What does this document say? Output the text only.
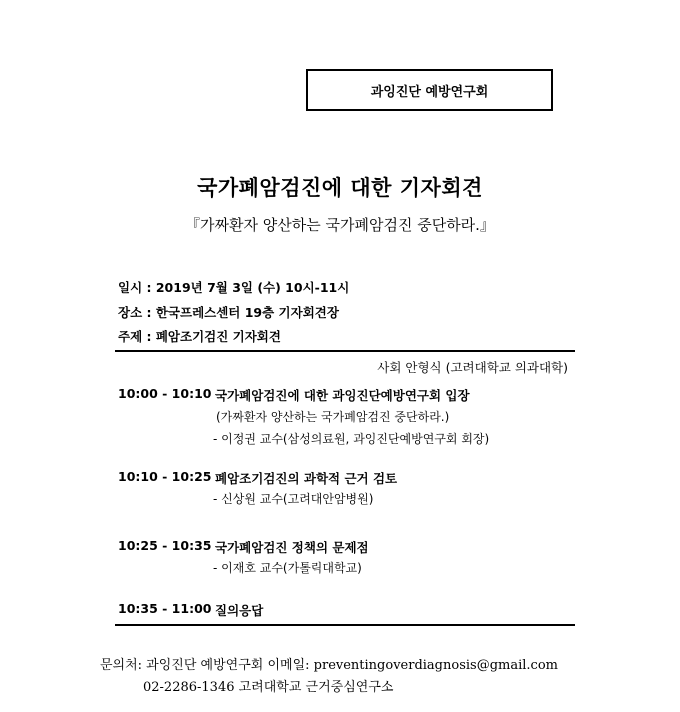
과잉진단 예방연구회
국가폐암검진에 대한 기자회견
『가짜환자 양산하는 국가폐암검진 중단하라.』
일시 : 2019년 7월 3일 (수) 10시-11시
장소 : 한국프레스센터 19층 기자회견장
주제 : 폐암조기검진 기자회견
사회 안형식 (고려대학교 의과대학)
10:00 - 10:10 국가폐암검진에 대한 과잉진단예방연구회 입장
(가짜환자 양산하는 국가폐암검진 중단하라.)
- 이정권 교수(삼성의료원, 과잉진단예방연구회 회장)
10:10 - 10:25 폐암조기검진의 과학적 근거 검토
- 신상원 교수(고려대안암병원)
10:25 - 10:35 국가폐암검진 정책의 문제점
- 이재호 교수(가톨릭대학교)
10:35 - 11:00 질의응답
문의처: 과잉진단 예방연구회 이메일: preventingoverdiagnosis@gmail.com
02-2286-1346 고려대학교 근거중심연구소
